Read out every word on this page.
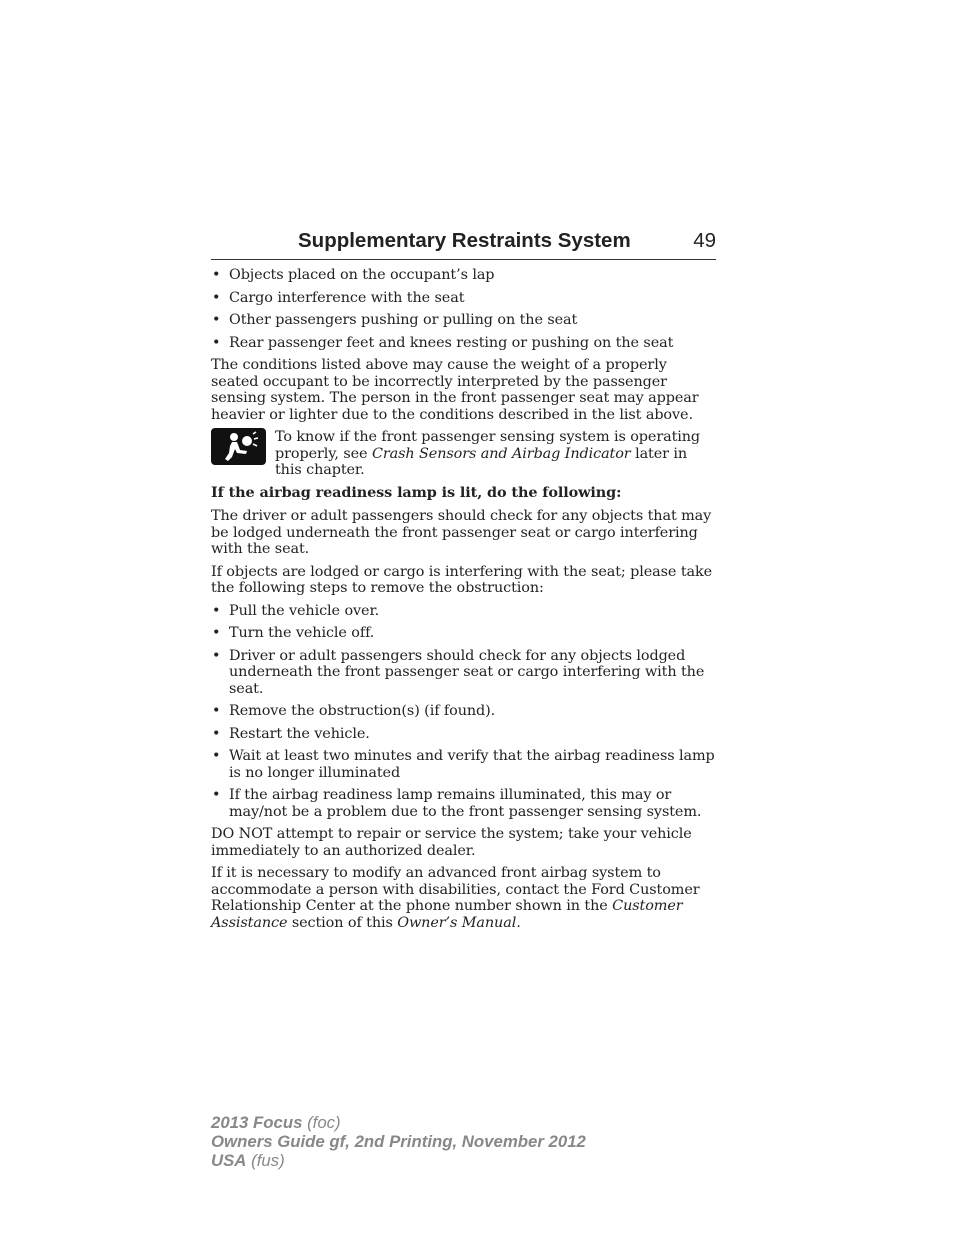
Supplementary Restraints System	49
• Objects placed on the occupant’s lap
• Cargo interference with the seat
• Other passengers pushing or pulling on the seat
• Rear passenger feet and knees resting or pushing on the seat

The conditions listed above may cause the weight of a properly seated occupant to be incorrectly interpreted by the passenger sensing system. The person in the front passenger seat may appear heavier or lighter due to the conditions described in the list above.

To know if the front passenger sensing system is operating properly, see Crash Sensors and Airbag Indicator later in this chapter.

If the airbag readiness lamp is lit, do the following:

The driver or adult passengers should check for any objects that may be lodged underneath the front passenger seat or cargo interfering with the seat.

If objects are lodged or cargo is interfering with the seat; please take the following steps to remove the obstruction:

• Pull the vehicle over.
• Turn the vehicle off.
• Driver or adult passengers should check for any objects lodged underneath the front passenger seat or cargo interfering with the seat.
• Remove the obstruction(s) (if found).
• Restart the vehicle.
• Wait at least two minutes and verify that the airbag readiness lamp is no longer illuminated
• If the airbag readiness lamp remains illuminated, this may or may/not be a problem due to the front passenger sensing system.

DO NOT attempt to repair or service the system; take your vehicle immediately to an authorized dealer.

If it is necessary to modify an advanced front airbag system to accommodate a person with disabilities, contact the Ford Customer Relationship Center at the phone number shown in the Customer Assistance section of this Owner’s Manual.

2013 Focus (foc)
Owners Guide gf, 2nd Printing, November 2012
USA (fus)
